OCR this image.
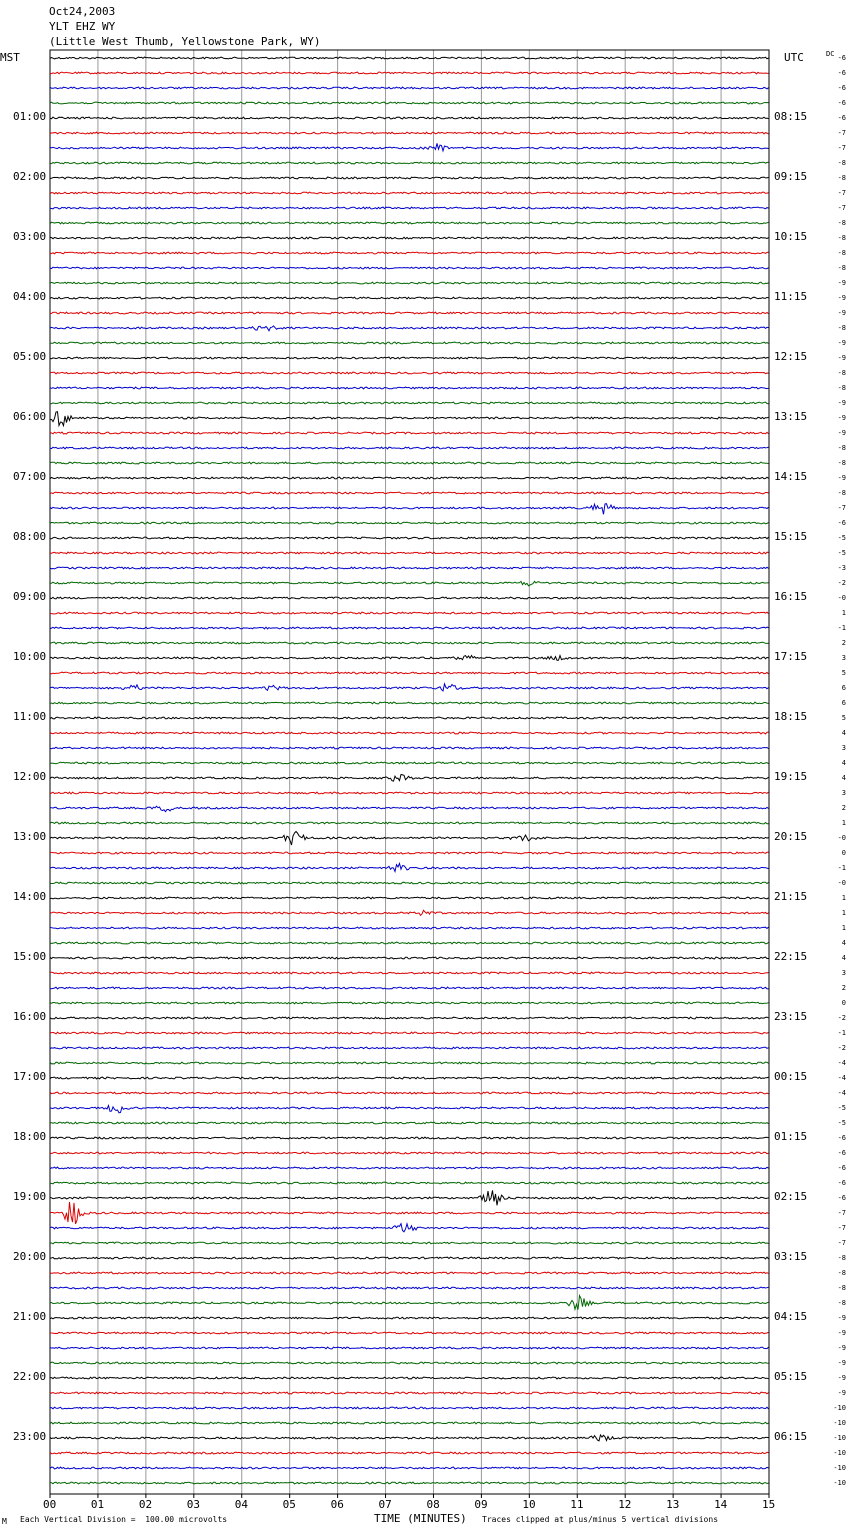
Oct24,2003
YLT EHZ WY
(Little West Thumb, Yellowstone Park, WY)
MST	UTC	DC
00	01	02	03	04	05	06	07	08	09	10	11	12	13	14	15
01:00
02:00
03:00
04:00
05:00
06:00
07:00
08:00
09:00
10:00
11:00
12:00
13:00
14:00
15:00
16:00
17:00
18:00
19:00
20:00
21:00
22:00
23:00
08:15
09:15
10:15
11:15
12:15
13:15
14:15
15:15
16:15
17:15
18:15
19:15
20:15
21:15
22:15
23:15
00:15
01:15
02:15
03:15
04:15
05:15
06:15
-6
-6
-6
-6
-6
-7
-7
-8
-8
-7
-7
-8
-8
-8
-8
-9
-9
-9
-8
-9
-9
-8
-8
-9
-9
-9
-8
-8
-9
-8
-7
-6
-5
-5
-3
-2
-0
1
-1
2
3
5
6
6
5
4
3
4
4
3
2
1
-0
0
-1
-0
1
1
1
4
4
3
2
0
-2
-1
-2
-4
-4
-4
-5
-5
-6
-6
-6
-6
-6
-7
-7
-7
-8
-8
-8
-8
-9
-9
-9
-9
-9
-9
-10
-10
-10
-10
-10
-10
M Each Vertical Division =  100.00 microvolts	TIME (MINUTES) Traces clipped at plus/minus 5 vertical divisions
